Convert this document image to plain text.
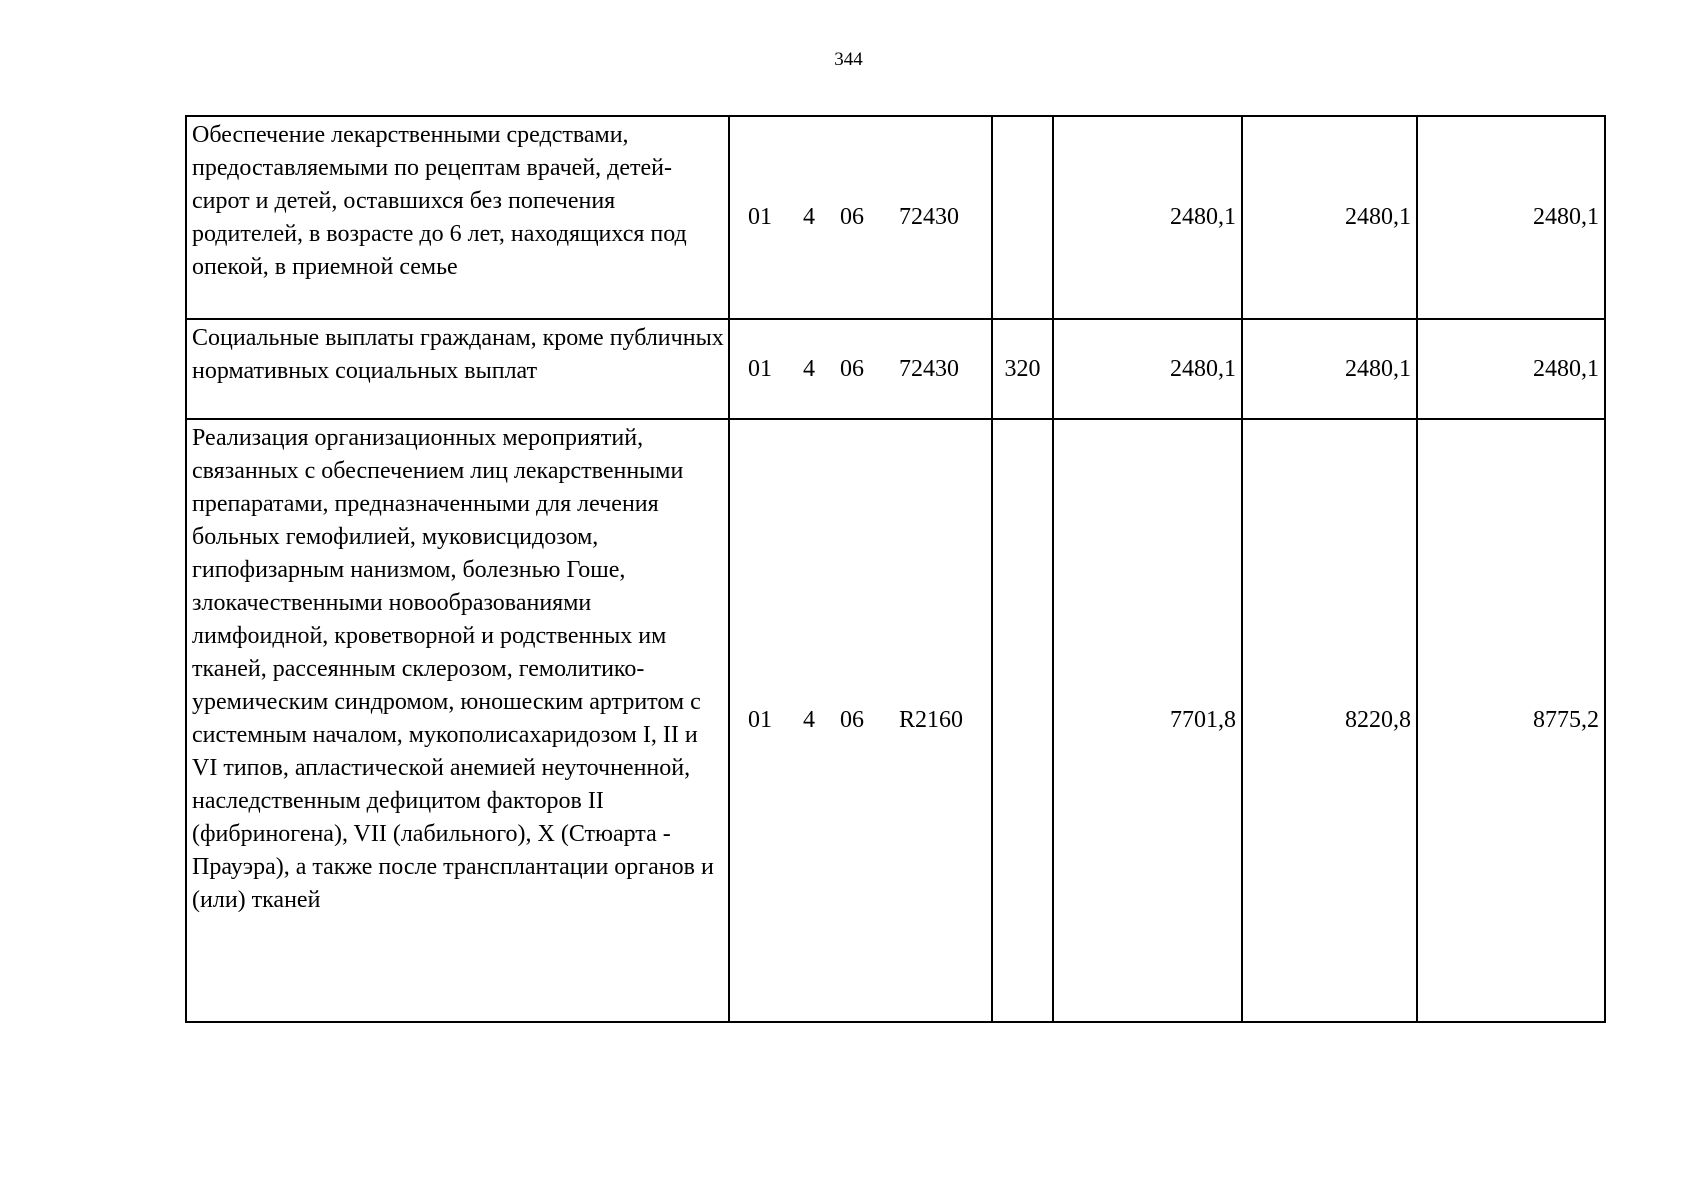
344
Обеспечение лекарственными средствами, предоставляемыми по рецептам врачей, детей-сирот и детей, оставшихся без попечения родителей, в возрасте до 6 лет, находящихся под опекой, в приемной семье	01 4 06 72430		2480,1	2480,1	2480,1
Социальные выплаты гражданам, кроме публичных нормативных социальных выплат	01 4 06 72430	320	2480,1	2480,1	2480,1
Реализация организационных мероприятий, связанных с обеспечением лиц лекарственными препаратами, предназначенными для лечения больных гемофилией, муковисцидозом, гипофизарным нанизмом, болезнью Гоше, злокачественными новообразованиями лимфоидной, кроветворной и родственных им тканей, рассеянным склерозом, гемолитико-уремическим синдромом, юношеским артритом с системным началом, мукополисахаридозом I, II и VI типов, апластической анемией неуточненной, наследственным дефицитом факторов II (фибриногена), VII (лабильного), X (Стюарта - Прауэра), а также после трансплантации органов и (или) тканей	01 4 06 R2160		7701,8	8220,8	8775,2
